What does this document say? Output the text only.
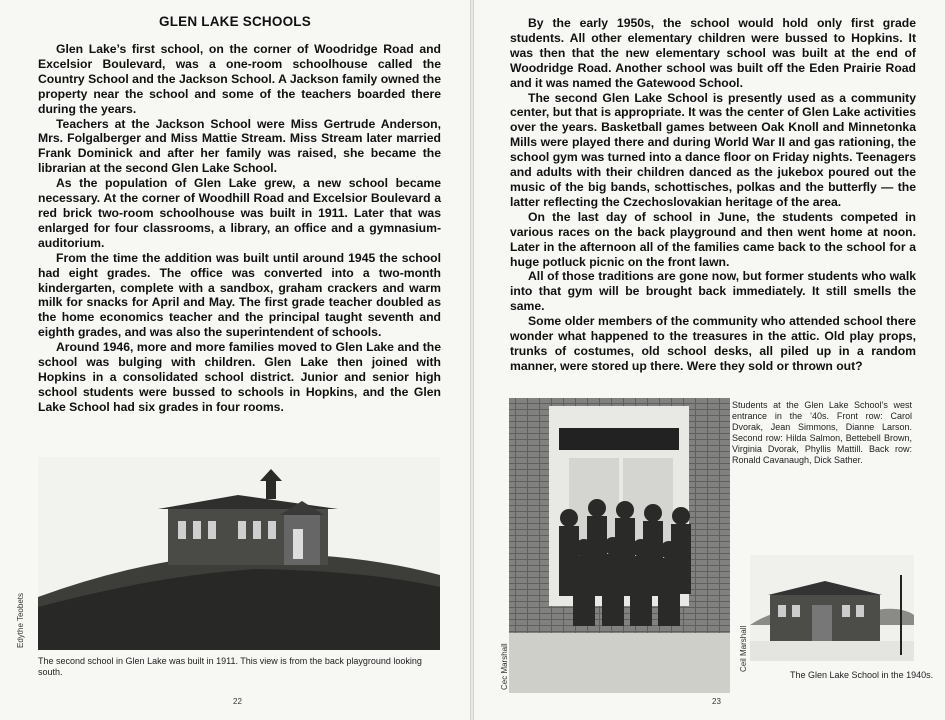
GLEN LAKE SCHOOLS

Glen Lake’s first school, on the corner of Woodridge Road and Excelsior Boulevard, was a one-room schoolhouse called the Country School and the Jackson School. A Jackson family owned the property near the school and some of the teachers boarded there during the years.

Teachers at the Jackson School were Miss Gertrude Anderson, Mrs. Folgalberger and Miss Mattie Stream. Miss Stream later married Frank Dominick and after her family was raised, she became the librarian at the second Glen Lake School.

As the population of Glen Lake grew, a new school became necessary. At the corner of Woodhill Road and Excelsior Boulevard a red brick two-room schoolhouse was built in 1911. Later that was enlarged for four classrooms, a library, an office and a gymnasium-auditorium.

From the time the addition was built until around 1945 the school had eight grades. The office was converted into a two-month kindergarten, complete with a sandbox, graham crackers and warm milk for snacks for April and May. The first grade teacher doubled as the home economics teacher and the principal taught seventh and eighth grades, and was also the superintendent of schools.

Around 1946, more and more families moved to Glen Lake and the school was bulging with children. Glen Lake then joined with Hopkins in a consolidated school district. Junior and senior high school students were bussed to schools in Hopkins, and the Glen Lake School had six grades in four rooms.

Edythe Teobets
The second school in Glen Lake was built in 1911. This view is from the back playground looking south.
22

By the early 1950s, the school would hold only first grade students. All other elementary children were bussed to Hopkins. It was then that the new elementary school was built at the end of Woodridge Road. Another school was built off the Eden Prairie Road and it was named the Gatewood School.

The second Glen Lake School is presently used as a community center, but that is appropriate. It was the center of Glen Lake activities over the years. Basketball games between Oak Knoll and Minnetonka Mills were played there and during World War II and gas rationing, the school gym was turned into a dance floor on Friday nights. Teenagers and adults with their children danced as the jukebox poured out the music of the big bands, schottisches, polkas and the butterfly — the latter reflecting the Czechoslovakian heritage of the area.

On the last day of school in June, the students competed in various races on the back playground and then went home at noon. Later in the afternoon all of the families came back to the school for a huge potluck picnic on the front lawn.

All of those traditions are gone now, but former students who walk into that gym will be brought back immediately. It still smells the same.

Some older members of the community who attended school there wonder what happened to the treasures in the attic. Old play props, trunks of costumes, old school desks, all piled up in a random manner, were stored up there. Were they sold or thrown out?

Students at the Glen Lake School’s west entrance in the ’40s. Front row: Carol Dvorak, Jean Simmons, Dianne Larson. Second row: Hilda Salmon, Bettebell Brown, Virginia Dvorak, Phyllis Mattill. Back row: Ronald Cavanaugh, Dick Sather.
Cec Marshall	Ceil Marshall
The Glen Lake School in the 1940s.
23
